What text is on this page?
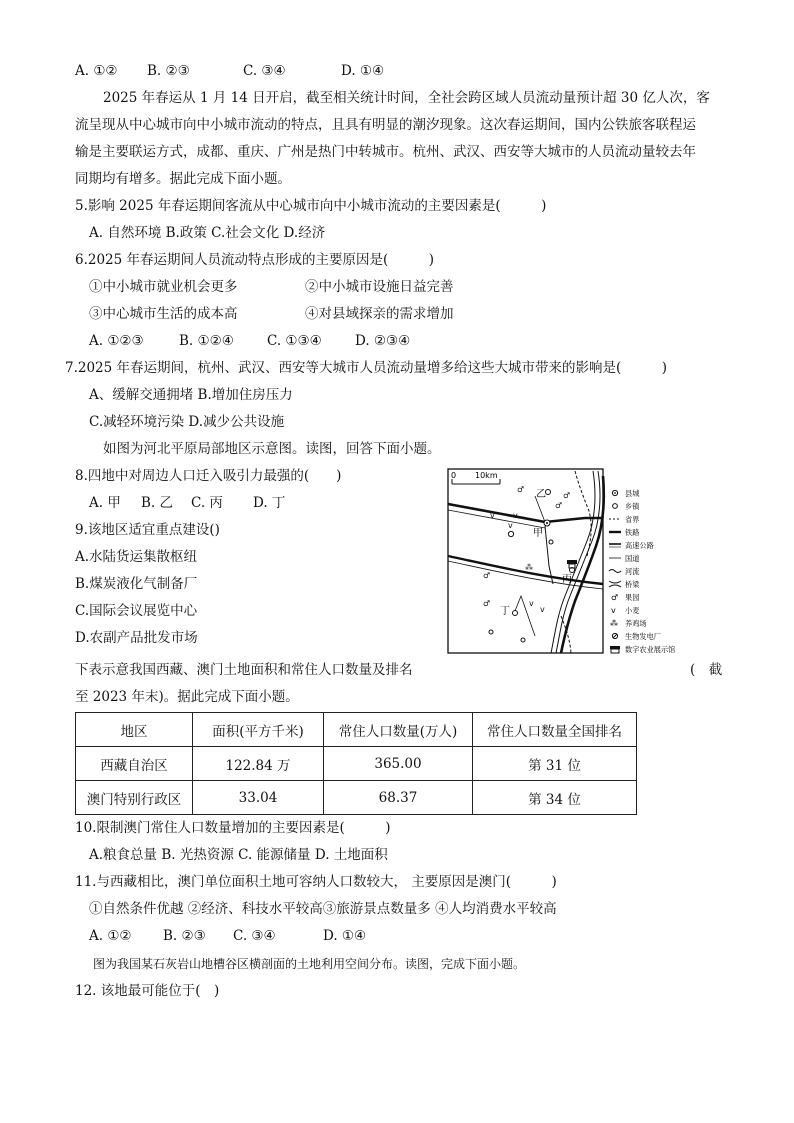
A. ①② B. ②③	C. ③④	D. ①④
2025 年春运从 1 月 14 日开启，截至相关统计时间，全社会跨区域人员流动量预计超 30 亿人次，客
流呈现从中心城市向中小城市流动的特点，且具有明显的潮汐现象。这次春运期间，国内公铁旅客联程运
输是主要联运方式，成都、重庆、广州是热门中转城市。杭州、武汉、西安等大城市的人员流动量较去年
同期均有增多。据此完成下面小题。
5.影响 2025 年春运期间客流从中心城市向中小城市流动的主要因素是(　　　)
A. 自然环境 B.政策 C.社会文化 D.经济
6.2025 年春运期间人员流动特点形成的主要原因是(　　　)
①中小城市就业机会更多	②中小城市设施日益完善
③中心城市生活的成本高	④对县域探亲的需求增加
A. ①②③	B. ①②④ C. ①③④ D. ②③④
7.2025 年春运期间，杭州、武汉、西安等大城市人员流动量增多给这些大城市带来的影响是(　　　)
A、缓解交通拥堵 B.增加住房压力
C.减轻环境污染 D.减少公共设施
如图为河北平原局部地区示意图。读图，回答下面小题。
8.四地中对周边人口迁入吸引力最强的(　　)
A. 甲 B. 乙 C. 丙 D. 丁
9.该地区适宜重点建设()
A.水陆货运集散枢纽
B.煤炭液化气制备厂
C.国际会议展览中心
D.农副产品批发市场
0 10km
甲
乙
丙
丁
♂
♂
♂
v v
v
⁂
♂
♂
v
v
县城
乡镇
省界
铁路
高速公路
国道
河流
桥梁
♂ 果园
v 小麦
⁂ 养鸡场
生物发电厂
数字农业展示馆
下表示意我国西藏、澳门土地面积和常住人口数量及排名	(　截
至 2023 年末)。据此完成下面小题。
地区	面积(平方千米)	常住人口数量(万人)	常住人口数量全国排名
西藏自治区	122.84 万	365.00	第 31 位
澳门特别行政区	33.04	68.37	第 34 位
10.限制澳门常住人口数量增加的主要因素是(　　　)
A.粮食总量 B. 光热资源 C. 能源储量 D. 土地面积
11.与西藏相比，澳门单位面积土地可容纳人口数较大， 主要原因是澳门(　　　)
①自然条件优越 ②经济、科技水平较高③旅游景点数量多 ④人均消费水平较高
A. ①② B. ②③ C. ③④	D. ①④
图为我国某石灰岩山地槽谷区横剖面的土地利用空间分布。读图，完成下面小题。
12. 该地最可能位于(　)
